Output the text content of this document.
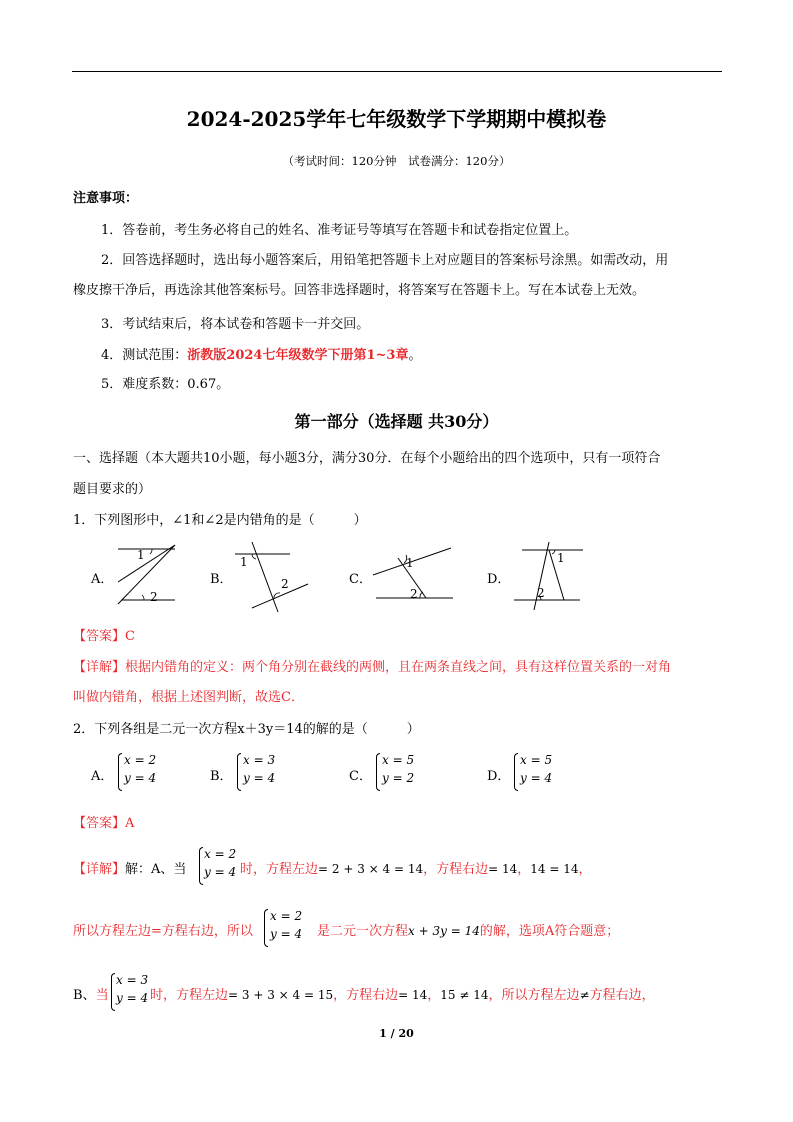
2024-2025学年七年级数学下学期期中模拟卷
（考试时间：120分钟　试卷满分：120分）
注意事项：
1．答卷前，考生务必将自己的姓名、准考证号等填写在答题卡和试卷指定位置上。
2．回答选择题时，选出每小题答案后，用铅笔把答题卡上对应题目的答案标号涂黑。如需改动，用
橡皮擦干净后，再选涂其他答案标号。回答非选择题时，将答案写在答题卡上。写在本试卷上无效。
3．考试结束后，将本试卷和答题卡一并交回。
4．测试范围：浙教版2024七年级数学下册第1~3章。
5．难度系数：0.67。
第一部分（选择题 共30分）
一、选择题（本大题共10小题，每小题3分，满分30分．在每个小题给出的四个选项中，只有一项符合
题目要求的）
1．下列图形中，∠1和∠2是内错角的是（　　　）
A．
1
2
B．
1
2	C．
1
2
D．
1
2
【答案】C
【详解】根据内错角的定义：两个角分别在截线的两侧，且在两条直线之间，具有这样位置关系的一对角
叫做内错角，根据上述图判断，故选C．
2．下列各组是二元一次方程x＋3y＝14的解的是（　　　）
A．
x = 2
y = 4	B．
x = 3
y = 4	C．
x = 5
y = 2	D．
x = 5
y = 4
【答案】A
【详解】解：A、当
x = 2
y = 4 时，方程左边= 2 + 3 × 4 = 14，方程右边= 14，14 = 14，
所以方程左边=方程右边，所以
x = 2
y = 4 是二元一次方程x + 3y = 14的解，选项A符合题意；
B、当
x = 3
y = 4 时，方程左边= 3 + 3 × 4 = 15，方程右边= 14，15 ≠ 14，所以方程左边≠方程右边，
1 / 20
